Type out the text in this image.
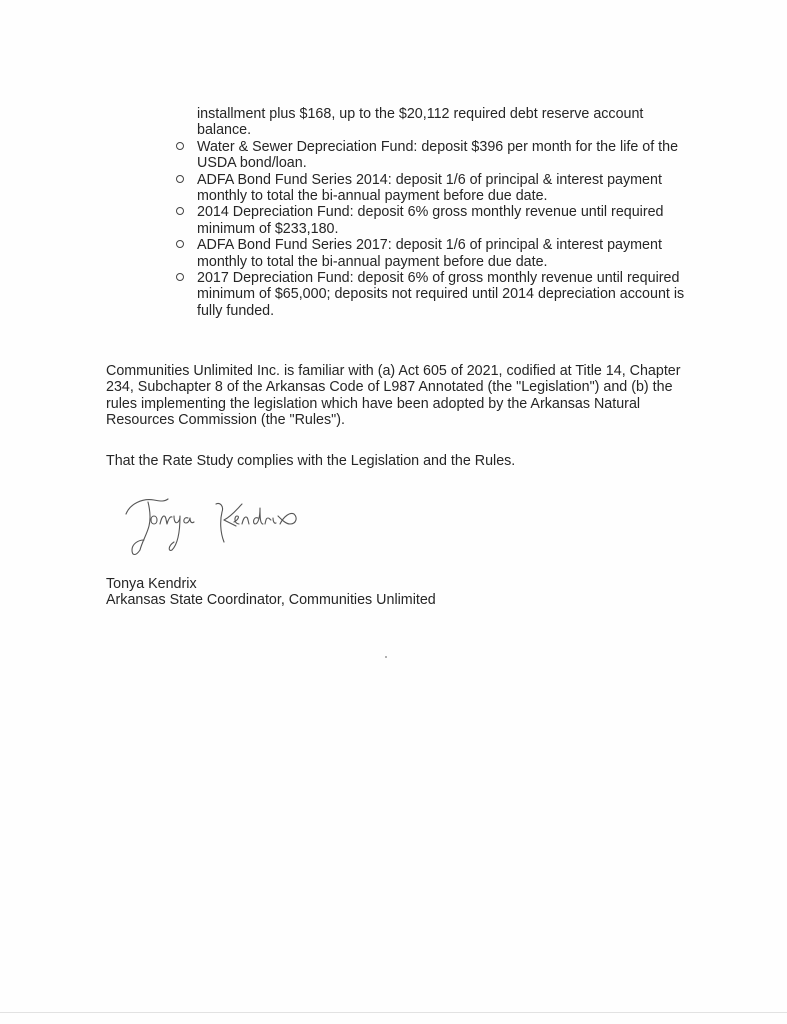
installment plus $168, up to the $20,112 required debt reserve account balance.
Water & Sewer Depreciation Fund: deposit $396 per month for the life of the USDA bond/loan.
ADFA Bond Fund Series 2014: deposit 1/6 of principal & interest payment monthly to total the bi-annual payment before due date.
2014 Depreciation Fund: deposit 6% gross monthly revenue until required minimum of $233,180.
ADFA Bond Fund Series 2017: deposit 1/6 of principal & interest payment monthly to total the bi-annual payment before due date.
2017 Depreciation Fund: deposit 6% of gross monthly revenue until required minimum of $65,000; deposits not required until 2014 depreciation account is fully funded.

Communities Unlimited Inc. is familiar with (a) Act 605 of 2021, codified at Title 14, Chapter 234, Subchapter 8 of the Arkansas Code of L987 Annotated (the "Legislation") and (b) the rules implementing the legislation which have been adopted by the Arkansas Natural Resources Commission (the "Rules").

That the Rate Study complies with the Legislation and the Rules.

Tonya Kendrix
Arkansas State Coordinator, Communities Unlimited
